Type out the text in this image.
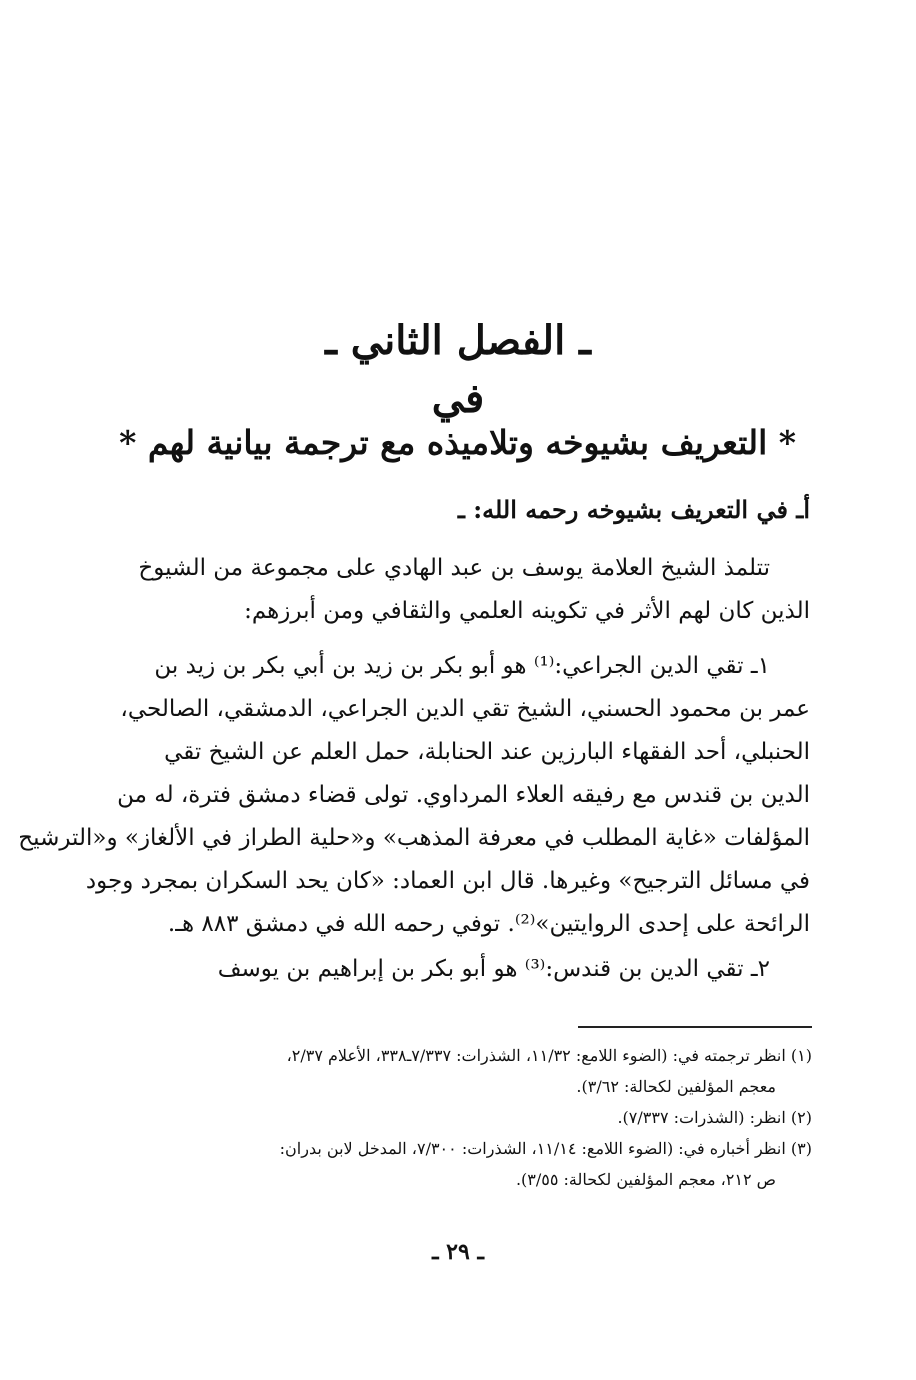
ـ الفصل الثاني ـ
في
* التعريف بشيوخه وتلاميذه مع ترجمة بيانية لهم *
أـ في التعريف بشيوخه رحمه الله: ـ
تتلمذ الشيخ العلامة يوسف بن عبد الهادي على مجموعة من الشيوخ
الذين كان لهم الأثر في تكوينه العلمي والثقافي ومن أبرزهم:
١ـ تقي الدين الجراعي:⁽¹⁾ هو أبو بكر بن زيد بن أبي بكر بن زيد بن
عمر بن محمود الحسني، الشيخ تقي الدين الجراعي، الدمشقي، الصالحي،
الحنبلي، أحد الفقهاء البارزين عند الحنابلة، حمل العلم عن الشيخ تقي
الدين بن قندس مع رفيقه العلاء المرداوي. تولى قضاء دمشق فترة، له من
المؤلفات «غاية المطلب في معرفة المذهب» و«حلية الطراز في الألغاز» و«الترشيح
في مسائل الترجيح» وغيرها. قال ابن العماد: «كان يحد السكران بمجرد وجود
الرائحة على إحدى الروايتين»⁽²⁾. توفي رحمه الله في دمشق ٨٨٣ هـ.
٢ـ تقي الدين بن قندس:⁽³⁾ هو أبو بكر بن إبراهيم بن يوسف
(١) انظر ترجمته في: (الضوء اللامع: ١١/٣٢، الشذرات: ٧/٣٣٧ـ٣٣٨، الأعلام ٢/٣٧،
معجم المؤلفين لكحالة: ٣/٦٢).
(٢) انظر: (الشذرات: ٧/٣٣٧).
(٣) انظر أخباره في: (الضوء اللامع: ١١/١٤، الشذرات: ٧/٣٠٠، المدخل لابن بدران:
ص ٢١٢، معجم المؤلفين لكحالة: ٣/٥٥).
ـ ٢٩ ـ
